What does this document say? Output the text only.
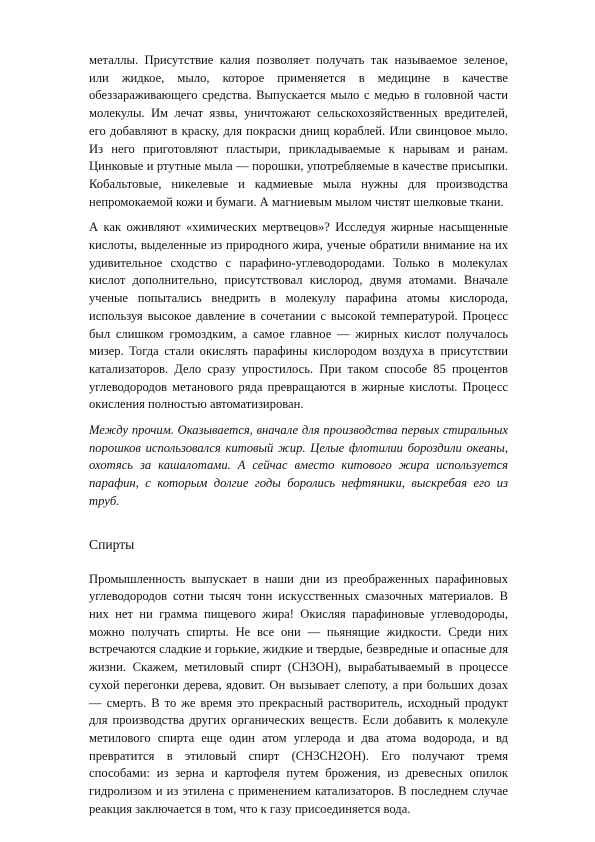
металлы. Присутствие калия позволяет получать так называемое зеленое, или жидкое, мыло, которое применяется в медицине в качестве обеззараживающего средства. Выпускается мыло с медью в головной части молекулы. Им лечат язвы, уничтожают сельскохозяйственных вредителей, его добавляют в краску, для покраски днищ кораблей. Или свинцовое мыло. Из него приготовляют пластыри, прикладываемые к нарывам и ранам. Цинковые и ртутные мыла — порошки, употребляемые в качестве присыпки. Кобальтовые, никелевые и кадмиевые мыла нужны для производства непромокаемой кожи и бумаги. А магниевым мылом чистят шелковые ткани.

А как оживляют «химических мертвецов»? Исследуя жирные насыщенные кислоты, выделенные из природного жира, ученые обратили внимание на их удивительное сходство с парафино-углеводородами. Только в молекулах кислот дополнительно, присутствовал кислород, двумя атомами. Вначале ученые попытались внедрить в молекулу парафина атомы кислорода, используя высокое давление в сочетании с высокой температурой. Процесс был слишком громоздким, а самое главное — жирных кислот получалось мизер. Тогда стали окислять парафины кислородом воздуха в присутствии катализаторов. Дело сразу упростилось. При таком способе 85 процентов углеводородов метанового ряда превращаются в жирные кислоты. Процесс окисления полностью автоматизирован.

Между прочим. Оказывается, вначале для производства первых стиральных порошков использовался китовый жир. Целые флотилии бороздили океаны, охотясь за кашалотами. А сейчас вместо китового жира используется парафин, с которым долгие годы боролись нефтяники, выскребая его из труб.

Спирты

Промышленность выпускает в наши дни из преображенных парафиновых углеводородов сотни тысяч тонн искусственных смазочных материалов. В них нет ни грамма пищевого жира! Окисляя парафиновые углеводороды, можно получать спирты. Не все они — пьянящие жидкости. Среди них встречаются сладкие и горькие, жидкие и твердые, безвредные и опасные для жизни. Скажем, метиловый спирт (СН3ОН), вырабатываемый в процессе сухой перегонки дерева, ядовит. Он вызывает слепоту, а при больших дозах — смерть. В то же время это прекрасный растворитель, исходный продукт для производства других органических веществ. Если добавить к молекуле метилового спирта еще один атом углерода и два атома водорода, и вд превратится в этиловый спирт (СН3СН2ОН). Его получают тремя способами: из зерна и картофеля путем брожения, из древесных опилок гидролизом и из этилена с применением катализаторов. В последнем случае реакция заключается в том, что к газу присоединяется вода.
